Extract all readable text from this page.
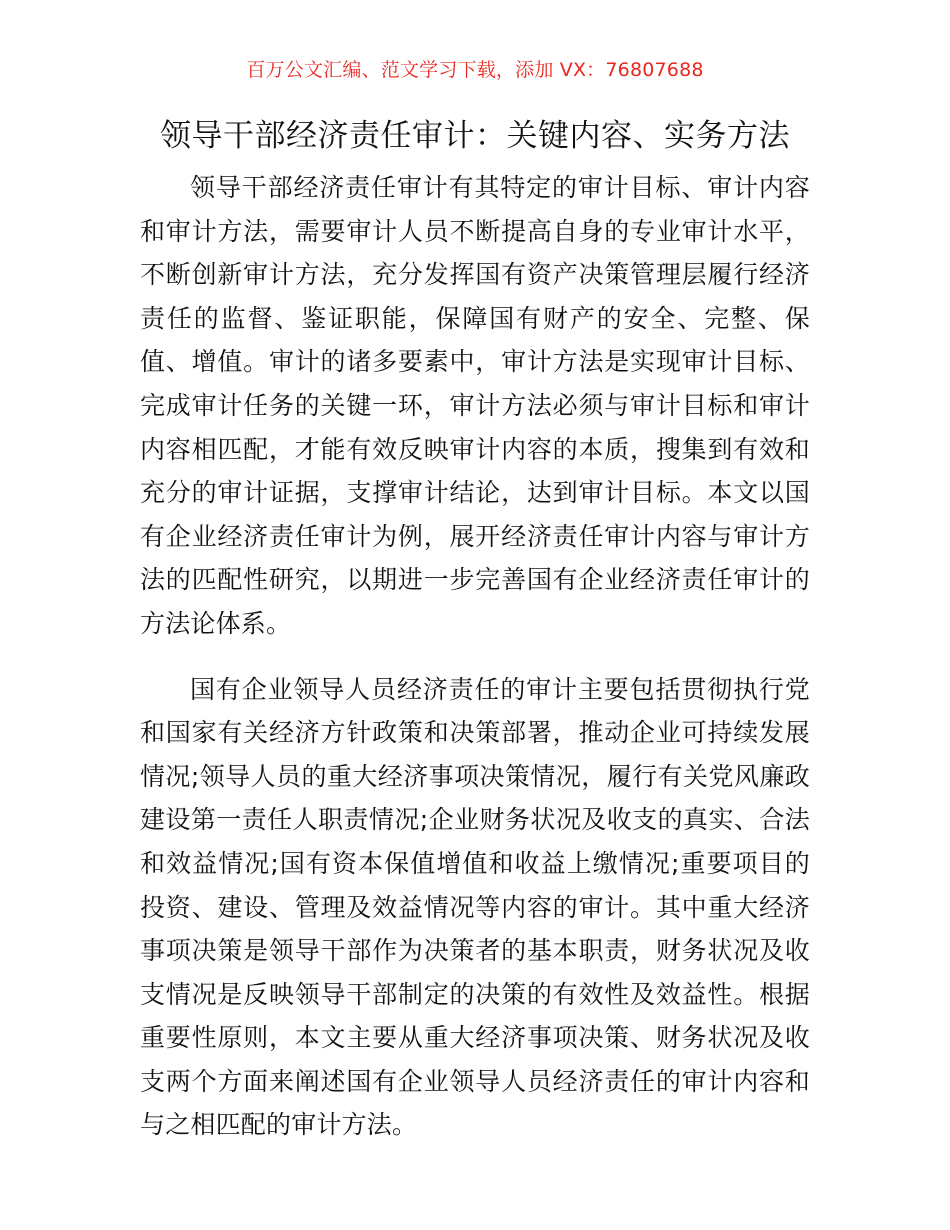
百万公文汇编、范文学习下载，添加 VX：76807688
领导干部经济责任审计：关键内容、实务方法

领导干部经济责任审计有其特定的审计目标、审计内容和审计方法，需要审计人员不断提高自身的专业审计水平，不断创新审计方法，充分发挥国有资产决策管理层履行经济责任的监督、鉴证职能，保障国有财产的安全、完整、保值、增值。审计的诸多要素中，审计方法是实现审计目标、完成审计任务的关键一环，审计方法必须与审计目标和审计内容相匹配，才能有效反映审计内容的本质，搜集到有效和充分的审计证据，支撑审计结论，达到审计目标。本文以国有企业经济责任审计为例，展开经济责任审计内容与审计方法的匹配性研究，以期进一步完善国有企业经济责任审计的方法论体系。

国有企业领导人员经济责任的审计主要包括贯彻执行党和国家有关经济方针政策和决策部署，推动企业可持续发展情况;领导人员的重大经济事项决策情况，履行有关党风廉政建设第一责任人职责情况;企业财务状况及收支的真实、合法和效益情况;国有资本保值增值和收益上缴情况;重要项目的投资、建设、管理及效益情况等内容的审计。其中重大经济事项决策是领导干部作为决策者的基本职责，财务状况及收支情况是反映领导干部制定的决策的有效性及效益性。根据重要性原则，本文主要从重大经济事项决策、财务状况及收支两个方面来阐述国有企业领导人员经济责任的审计内容和与之相匹配的审计方法。
